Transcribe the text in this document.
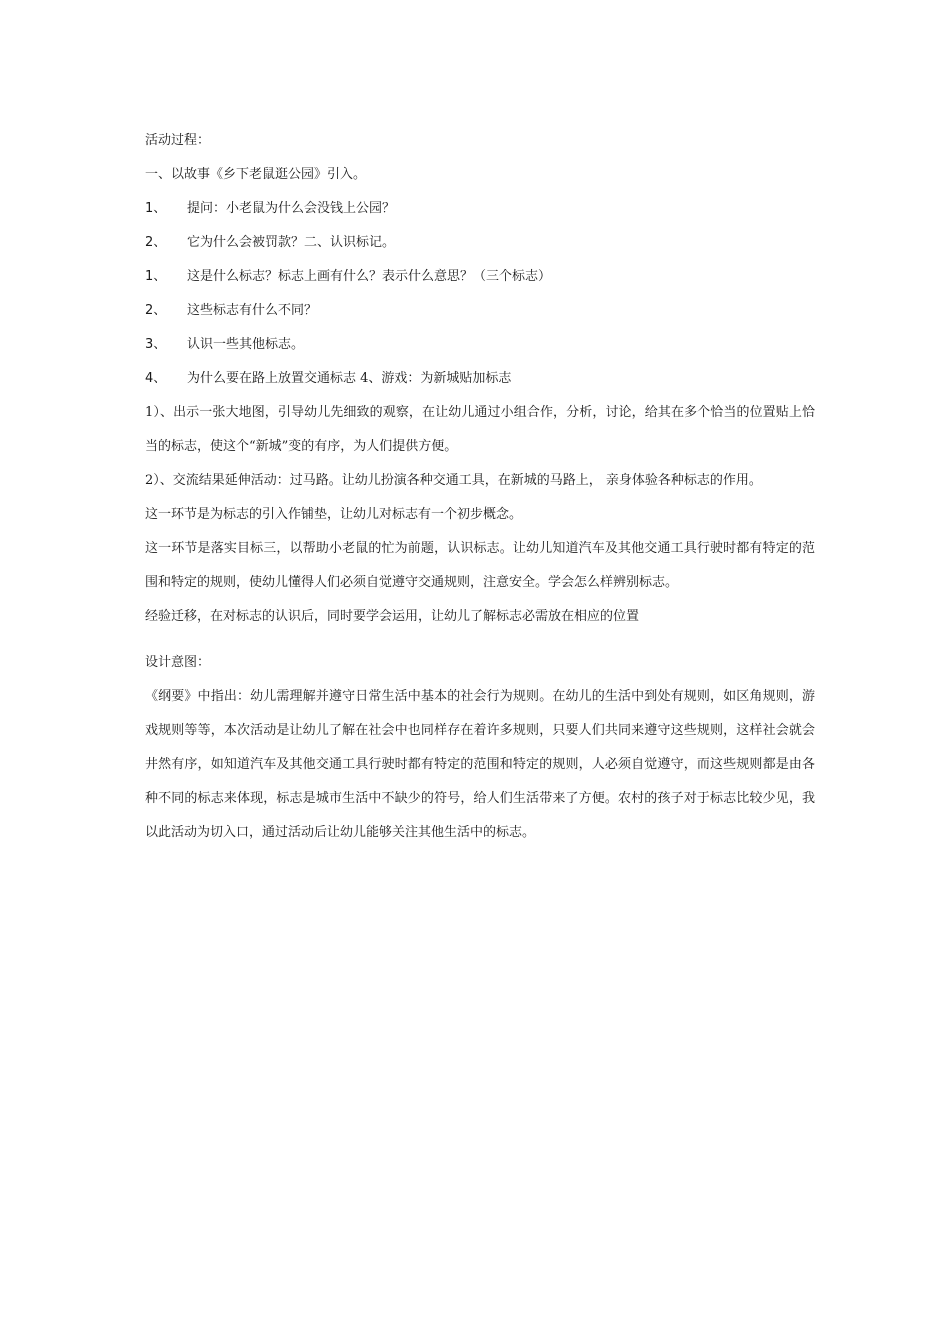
活动过程：

一、以故事《乡下老鼠逛公园》引入。

1、 提问：小老鼠为什么会没钱上公园？

2、 它为什么会被罚款？二、认识标记。

1、 这是什么标志？标志上画有什么？表示什么意思？（三个标志）

2、 这些标志有什么不同？

3、 认识一些其他标志。

4、 为什么要在路上放置交通标志 4、游戏：为新城贴加标志

1）、出示一张大地图，引导幼儿先细致的观察，在让幼儿通过小组合作，分析，讨论，给其在多个恰当的位置贴上恰当的标志，使这个“新城”变的有序，为人们提供方便。

2）、交流结果延伸活动：过马路。让幼儿扮演各种交通工具，在新城的马路上， 亲身体验各种标志的作用。

这一环节是为标志的引入作铺垫，让幼儿对标志有一个初步概念。

这一环节是落实目标三，以帮助小老鼠的忙为前题，认识标志。让幼儿知道汽车及其他交通工具行驶时都有特定的范围和特定的规则，使幼儿懂得人们必须自觉遵守交通规则，注意安全。学会怎么样辨别标志。

经验迁移，在对标志的认识后，同时要学会运用，让幼儿了解标志必需放在相应的位置

设计意图：

《纲要》中指出：幼儿需理解并遵守日常生活中基本的社会行为规则。在幼儿的生活中到处有规则，如区角规则，游戏规则等等，本次活动是让幼儿了解在社会中也同样存在着许多规则，只要人们共同来遵守这些规则，这样社会就会井然有序，如知道汽车及其他交通工具行驶时都有特定的范围和特定的规则，人必须自觉遵守，而这些规则都是由各种不同的标志来体现，标志是城市生活中不缺少的符号，给人们生活带来了方便。农村的孩子对于标志比较少见，我以此活动为切入口，通过活动后让幼儿能够关注其他生活中的标志。
